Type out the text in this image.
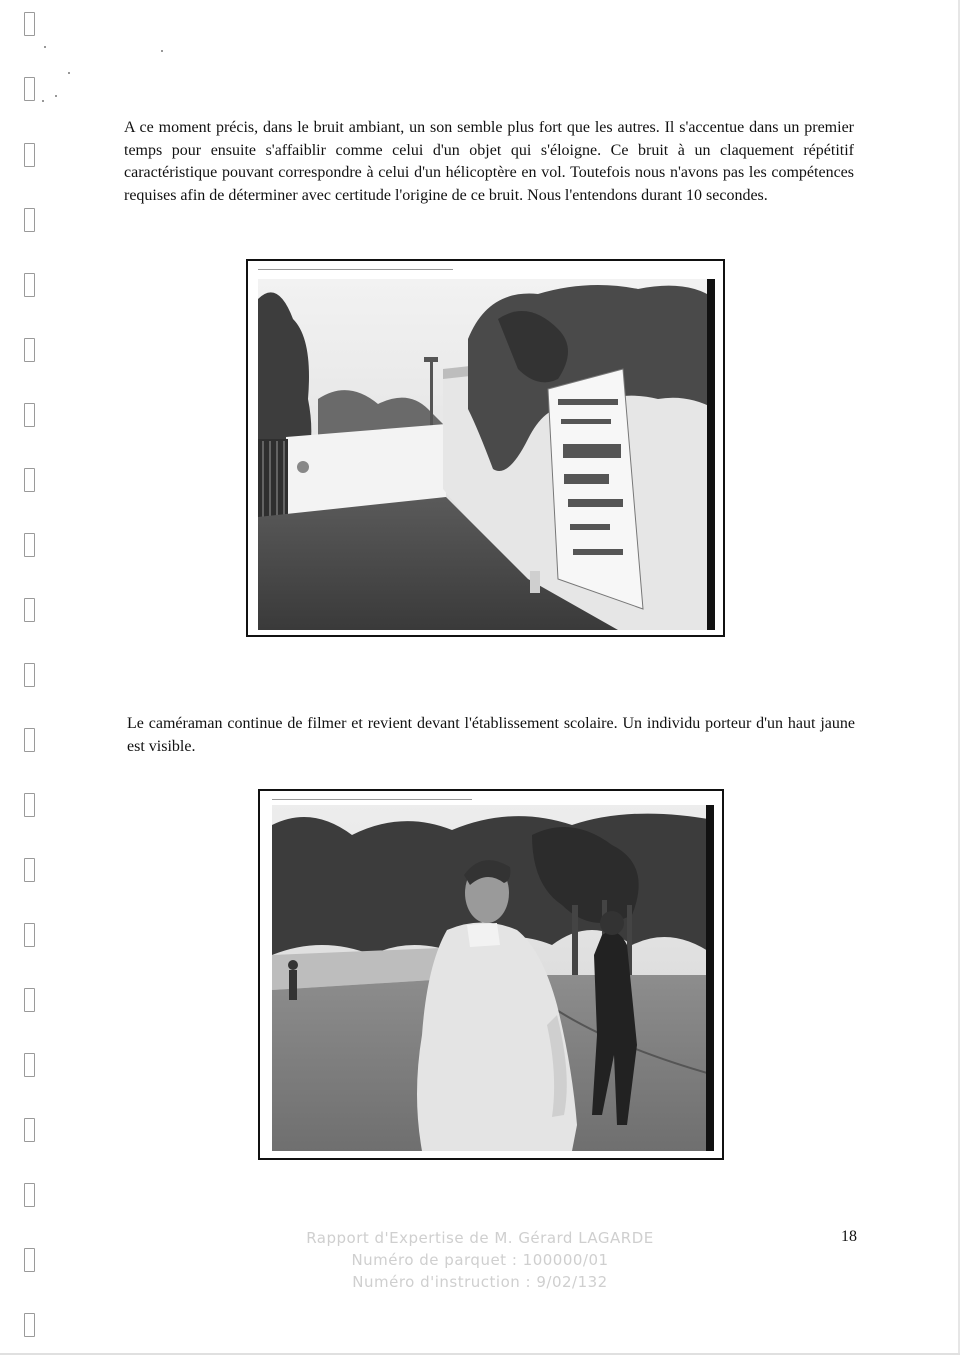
A ce moment précis, dans le bruit ambiant, un son semble plus fort que les autres. Il s'accentue dans un premier temps pour ensuite s'affaiblir comme celui d'un objet qui s'éloigne. Ce bruit à un claquement répétitif caractéristique pouvant correspondre à celui d'un hélicoptère en vol. Toutefois nous n'avons pas les compétences requises afin de déterminer avec certitude l'origine de ce bruit. Nous l'entendons durant 10 secondes.

Le caméraman continue de filmer et revient devant l'établissement scolaire. Un individu porteur d'un haut jaune est visible.

Rapport d'Expertise de M. Gérard LAGARDE
Numéro de parquet : 100000/01
Numéro d'instruction : 9/02/132
18
